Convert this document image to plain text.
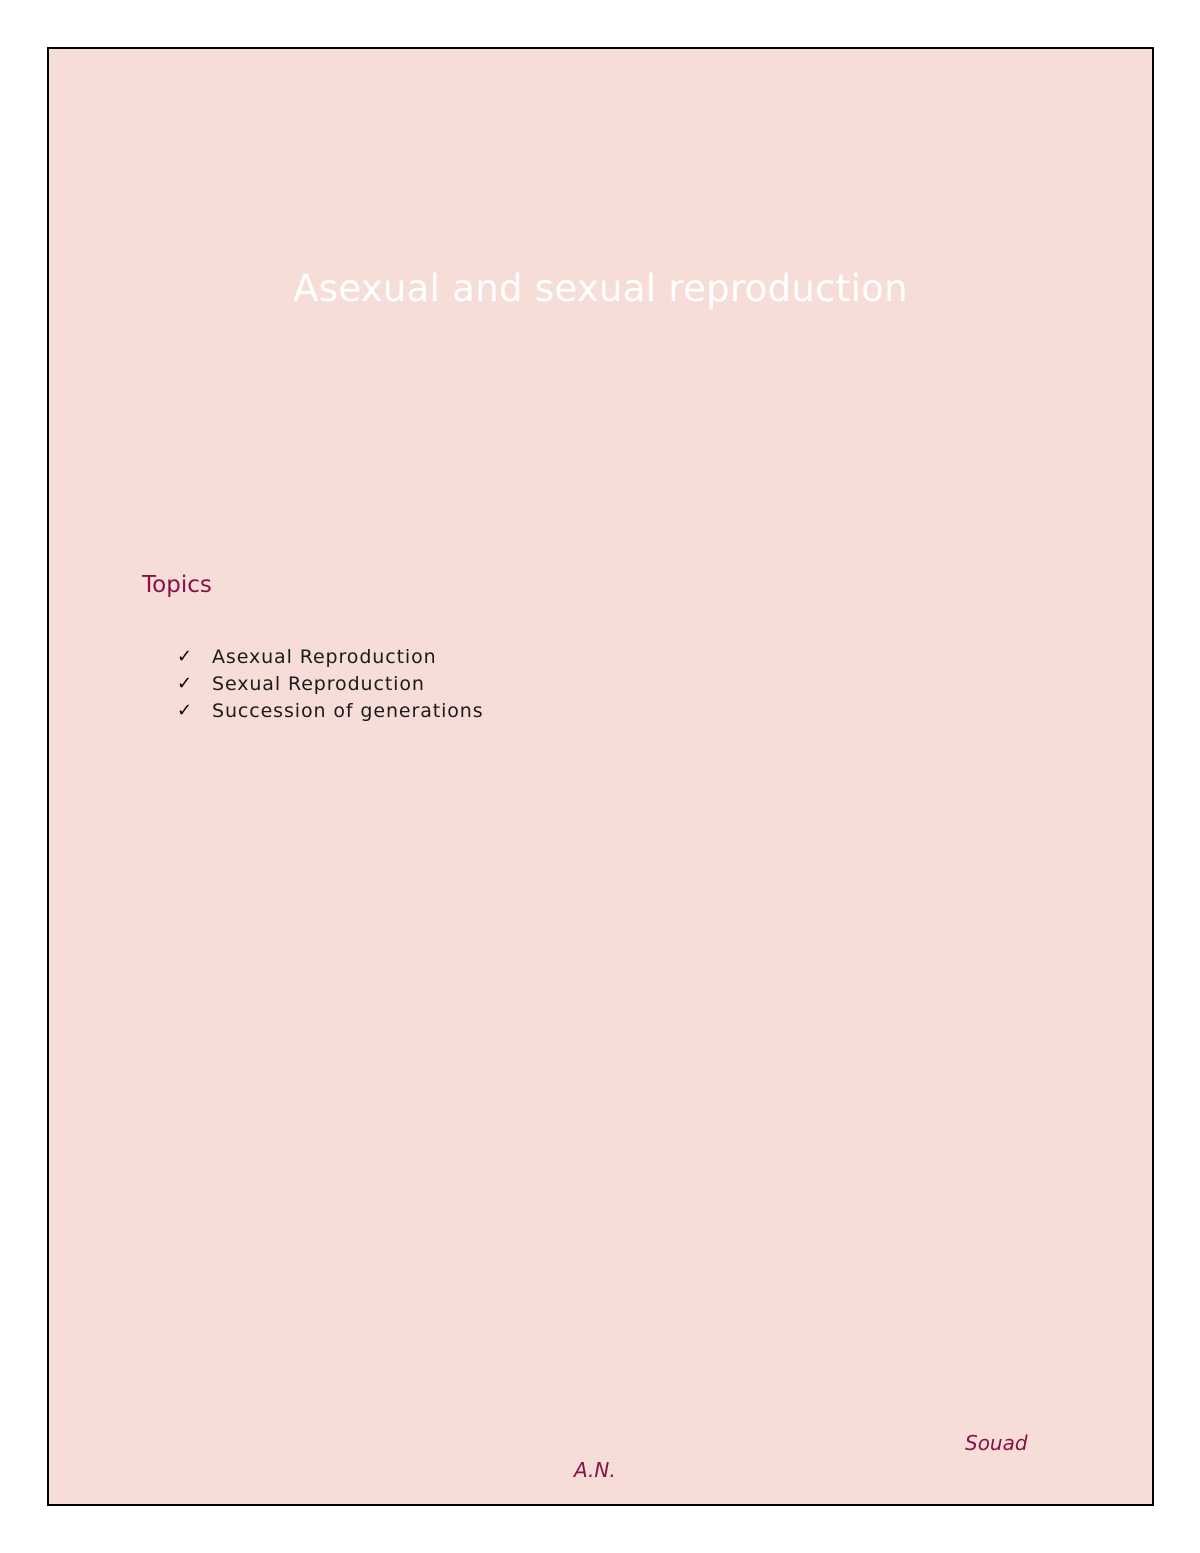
Asexual and sexual reproduction
Topics
✓	Asexual Reproduction
✓	Sexual Reproduction
✓	Succession of generations
Souad
A.N.
